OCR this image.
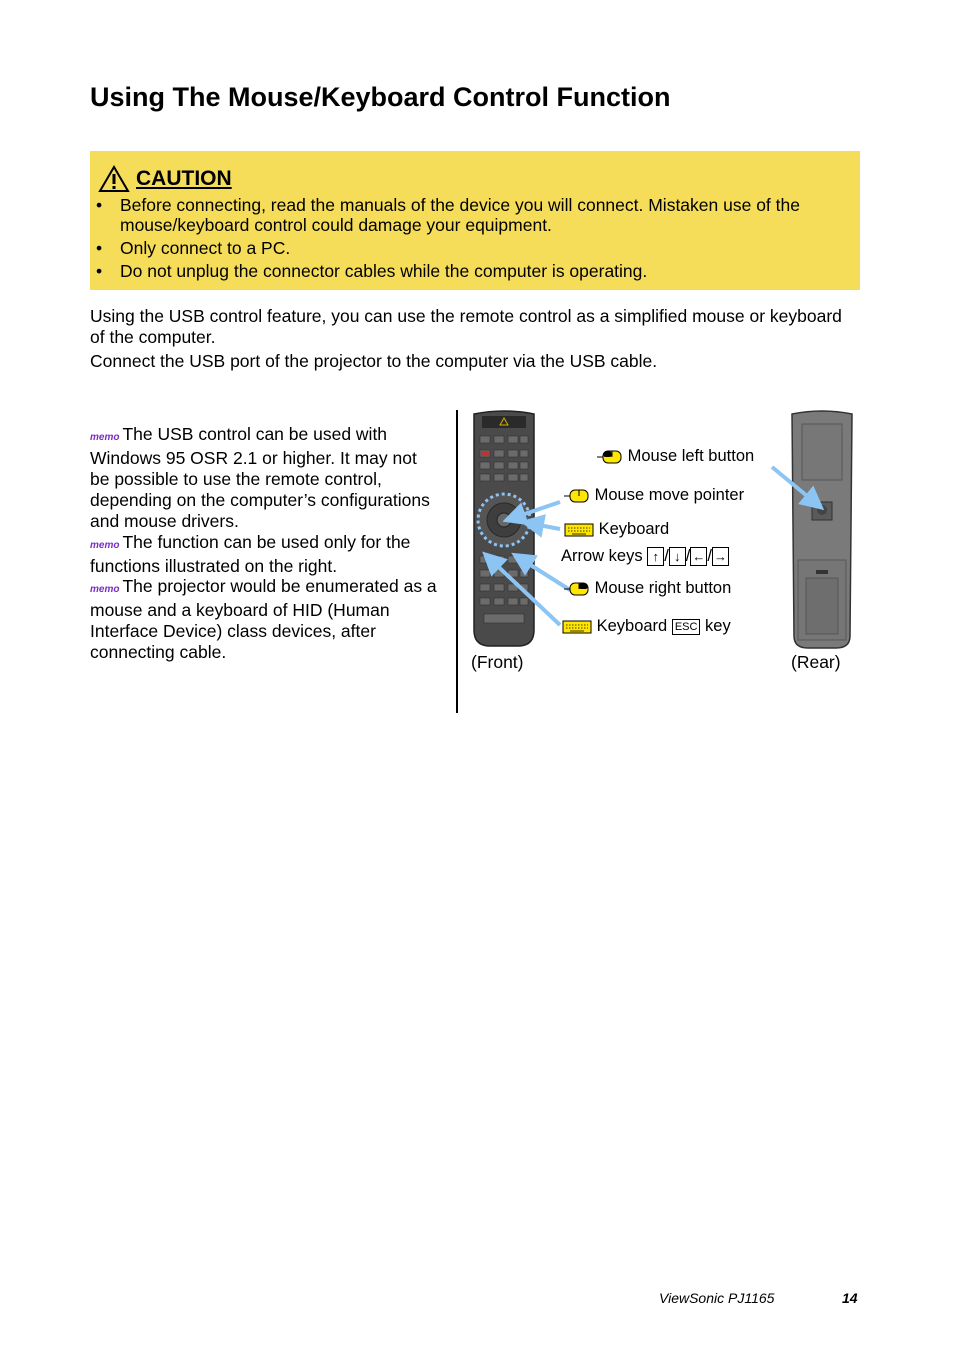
Using The Mouse/Keyboard Control Function
CAUTION
• Before connecting, read the manuals of the device you will connect. Mistaken use of the mouse/keyboard control could damage your equipment.
• Only connect to a PC.
• Do not unplug the connector cables while the computer is operating.

Using the USB control feature, you can use the remote control as a simplified mouse or keyboard of the computer.

Connect the USB port of the projector to the computer via the USB cable.

memo The USB control can be used with Windows 95 OSR 2.1 or higher. It may not be possible to use the remote control, depending on the computer’s configurations and mouse drivers.

memo The function can be used only for the functions illustrated on the right.

memo The projector would be enumerated as a mouse and a keyboard of HID (Human Interface Device) class devices, after connecting cable.

Mouse left button
Mouse move pointer
Keyboard
Arrow keys ↑ / ↓ / ← / →
Mouse right button
Keyboard ESC key
(Front)	(Rear)
ViewSonic PJ1165	14
